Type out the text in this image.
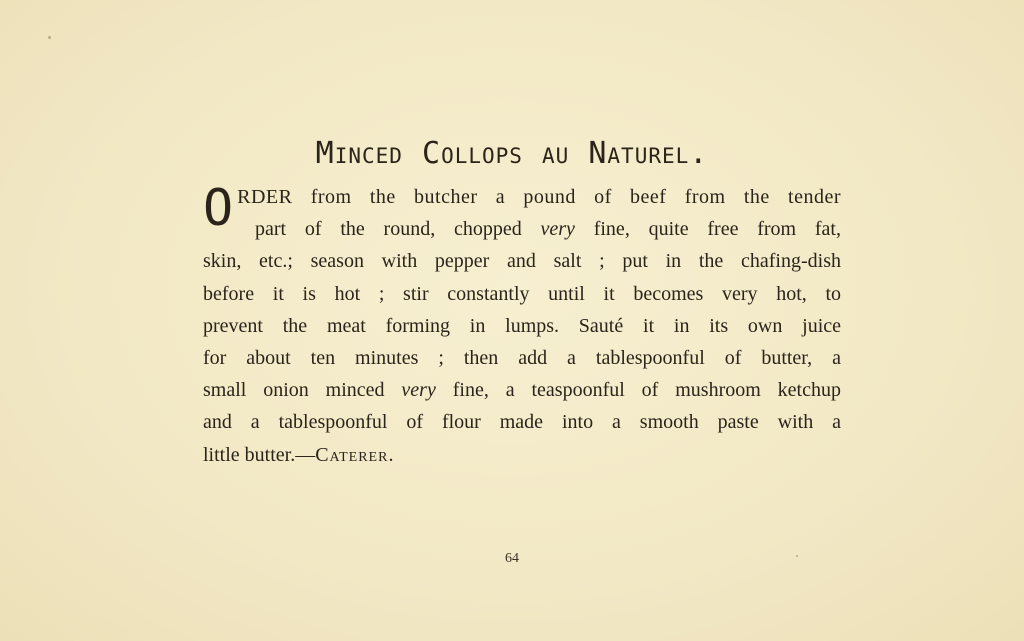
Minced Collops au Naturel.
O RDER from the butcher a pound of beef from the tender
part of the round, chopped very fine, quite free from fat,
skin, etc.; season with pepper and salt ; put in the chafing-dish
before it is hot ; stir constantly until it becomes very hot, to
prevent the meat forming in lumps. Sauté it in its own juice
for about ten minutes ; then add a tablespoonful of butter, a
small onion minced very fine, a teaspoonful of mushroom ketchup
and a tablespoonful of flour made into a smooth paste with a
little butter.—Caterer.
64
